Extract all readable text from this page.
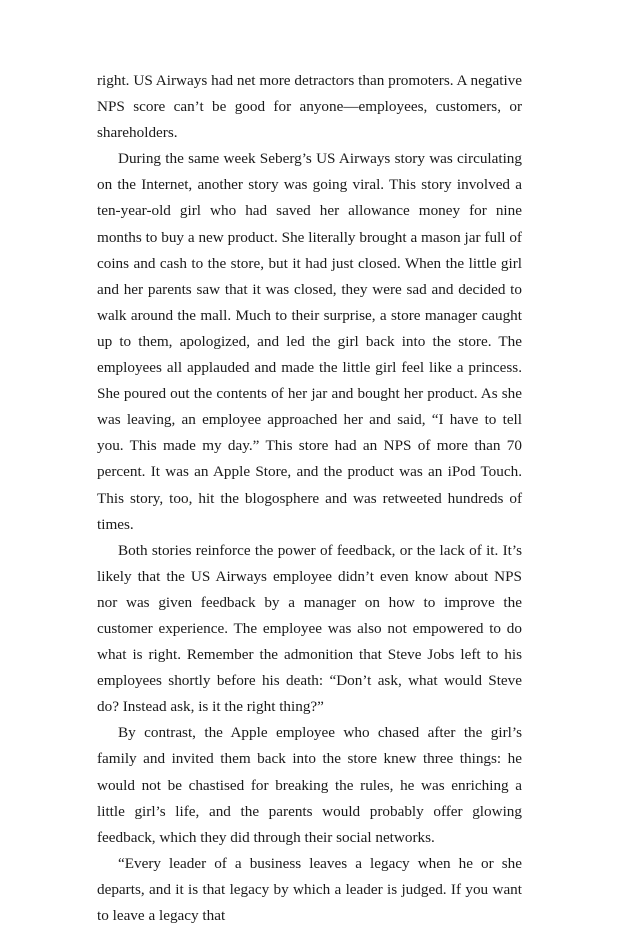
right. US Airways had net more detractors than promoters. A negative NPS score can’t be good for anyone—employees, customers, or shareholders.

During the same week Seberg’s US Airways story was circulating on the Internet, another story was going viral. This story involved a ten-year-old girl who had saved her allowance money for nine months to buy a new product. She literally brought a mason jar full of coins and cash to the store, but it had just closed. When the little girl and her parents saw that it was closed, they were sad and decided to walk around the mall. Much to their surprise, a store manager caught up to them, apologized, and led the girl back into the store. The employees all applauded and made the little girl feel like a princess. She poured out the contents of her jar and bought her product. As she was leaving, an employee approached her and said, “I have to tell you. This made my day.” This store had an NPS of more than 70 percent. It was an Apple Store, and the product was an iPod Touch. This story, too, hit the blogosphere and was retweeted hundreds of times.

Both stories reinforce the power of feedback, or the lack of it. It’s likely that the US Airways employee didn’t even know about NPS nor was given feedback by a manager on how to improve the customer experience. The employee was also not empowered to do what is right. Remember the admonition that Steve Jobs left to his employees shortly before his death: “Don’t ask, what would Steve do? Instead ask, is it the right thing?”

By contrast, the Apple employee who chased after the girl’s family and invited them back into the store knew three things: he would not be chastised for breaking the rules, he was enriching a little girl’s life, and the parents would probably offer glowing feedback, which they did through their social networks.

“Every leader of a business leaves a legacy when he or she departs, and it is that legacy by which a leader is judged. If you want to leave a legacy that
